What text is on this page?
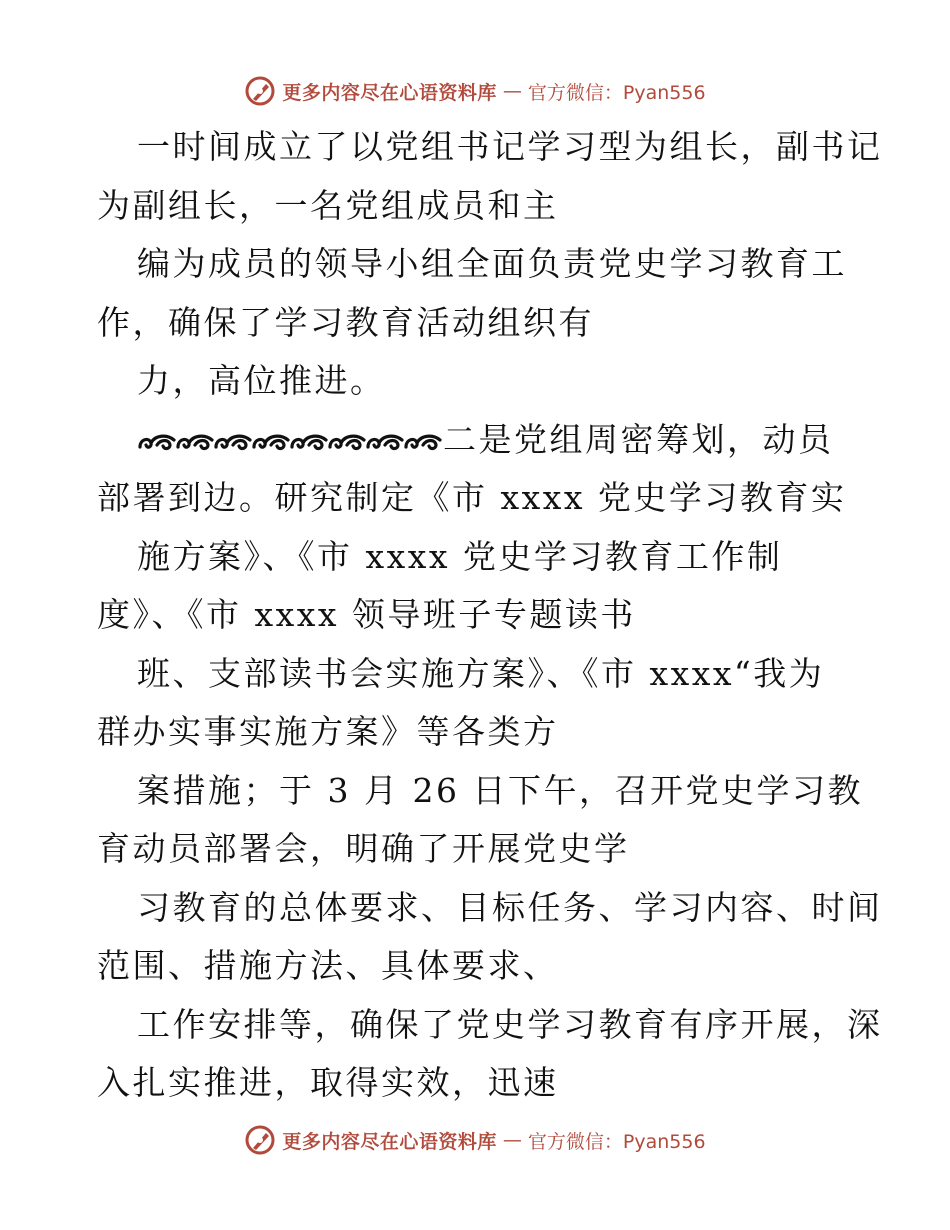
更多内容尽在心语资料库 — 官方微信：Pyan556
一时间成立了以党组书记学习型为组长，副书记
为副组长，一名党组成员和主
编为成员的领导小组全面负责党史学习教育工
作，确保了学习教育活动组织有
力，高位推进。
二是党组周密筹划，动员
部署到边。研究制定《市 xxxx 党史学习教育实
施方案》、《市 xxxx 党史学习教育工作制
度》、《市 xxxx 领导班子专题读书
班、支部读书会实施方案》、《市 xxxx“我为
群办实事实施方案》等各类方
案措施；于 3 月 26 日下午，召开党史学习教
育动员部署会，明确了开展党史学
习教育的总体要求、目标任务、学习内容、时间
范围、措施方法、具体要求、
工作安排等，确保了党史学习教育有序开展，深
入扎实推进，取得实效，迅速
更多内容尽在心语资料库 — 官方微信：Pyan556
